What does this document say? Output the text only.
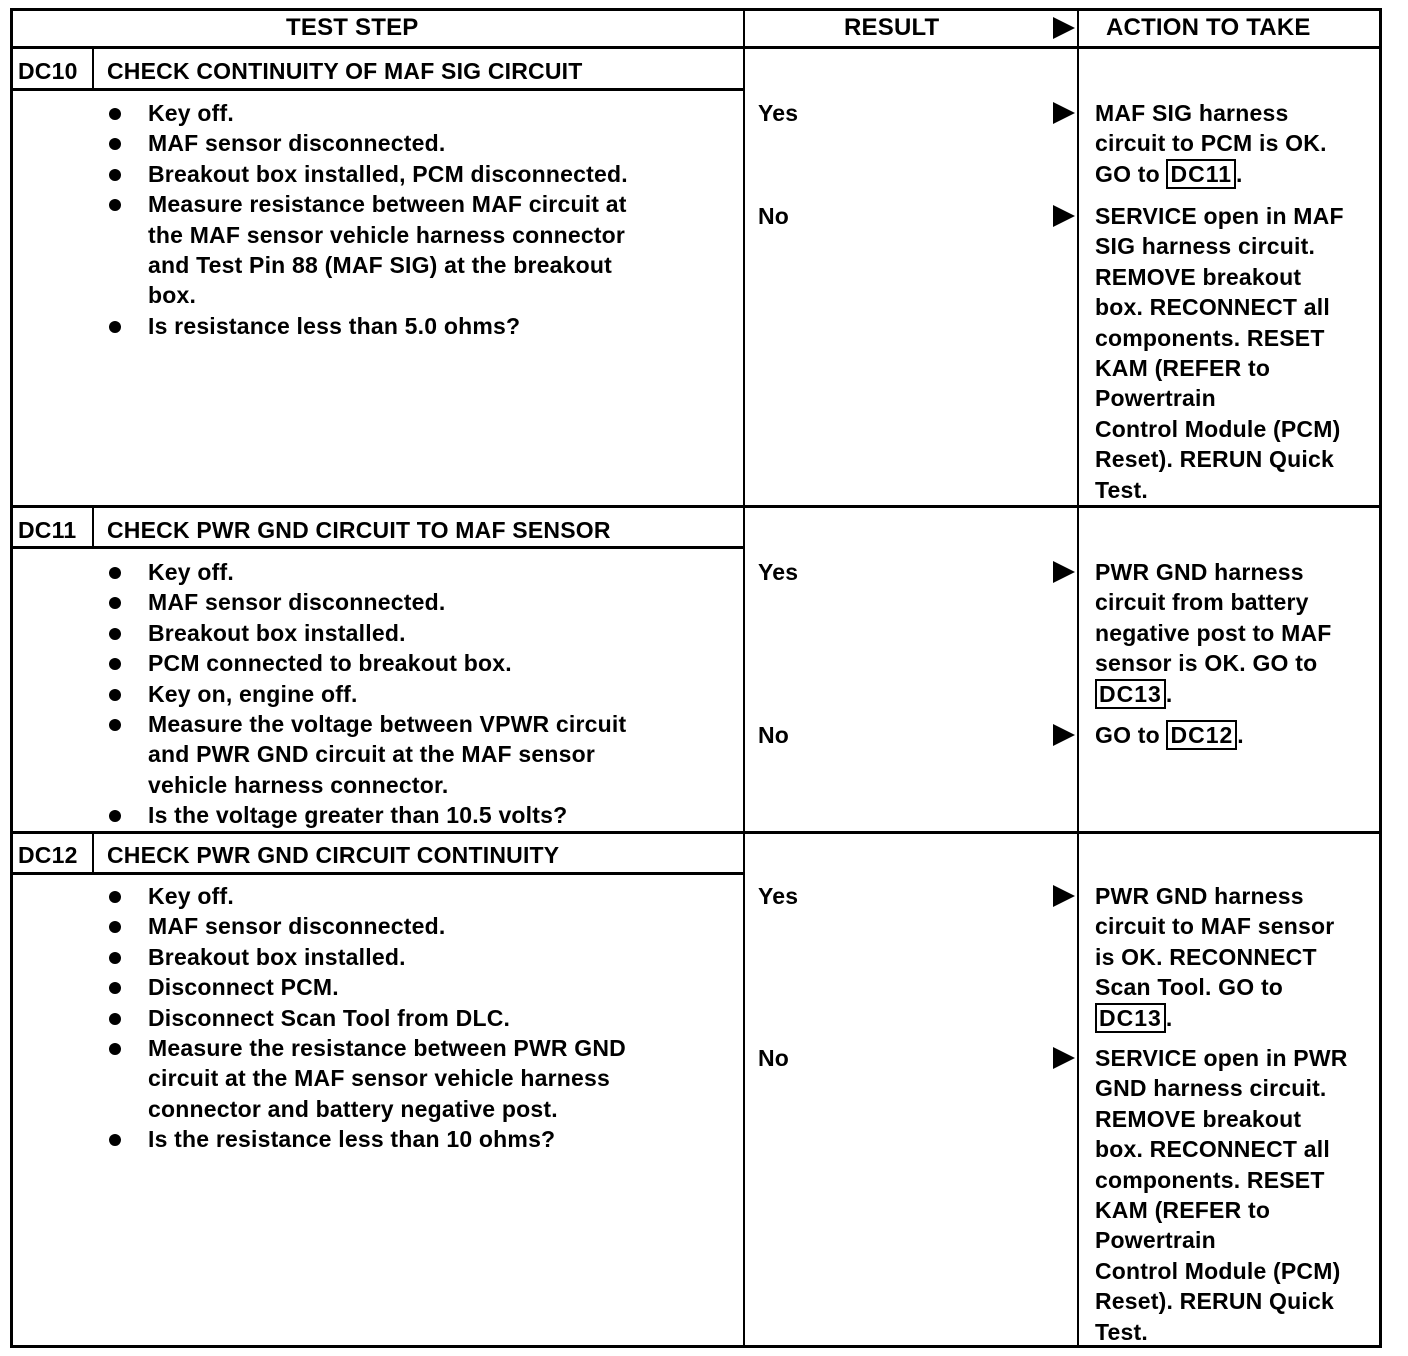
TEST STEP	RESULT	ACTION TO TAKE
DC10 CHECK CONTINUITY OF MAF SIG CIRCUIT
Key off.
MAF sensor disconnected.
Breakout box installed, PCM disconnected.
Measure resistance between MAF circuit at
the MAF sensor vehicle harness connector
and Test Pin 88 (MAF SIG) at the breakout
box.
Is resistance less than 5.0 ohms?
Yes	MAF SIG harness
circuit to PCM is OK.
GO to DC11 .
No	SERVICE open in MAF
SIG harness circuit.
REMOVE breakout
box. RECONNECT all
components. RESET
KAM (REFER to
Powertrain
Control Module (PCM)
Reset). RERUN Quick
Test.
DC11 CHECK PWR GND CIRCUIT TO MAF SENSOR
Key off.
MAF sensor disconnected.
Breakout box installed.
PCM connected to breakout box.
Key on, engine off.
Measure the voltage between VPWR circuit
and PWR GND circuit at the MAF sensor
vehicle harness connector.
Is the voltage greater than 10.5 volts?
Yes	PWR GND harness
circuit from battery
negative post to MAF
sensor is OK. GO to
DC13 .
No	GO to DC12 .
DC12 CHECK PWR GND CIRCUIT CONTINUITY
Key off.
MAF sensor disconnected.
Breakout box installed.
Disconnect PCM.
Disconnect Scan Tool from DLC.
Measure the resistance between PWR GND
circuit at the MAF sensor vehicle harness
connector and battery negative post.
Is the resistance less than 10 ohms?
Yes	PWR GND harness
circuit to MAF sensor
is OK. RECONNECT
Scan Tool. GO to
DC13 .
No	SERVICE open in PWR
GND harness circuit.
REMOVE breakout
box. RECONNECT all
components. RESET
KAM (REFER to
Powertrain
Control Module (PCM)
Reset). RERUN Quick
Test.
